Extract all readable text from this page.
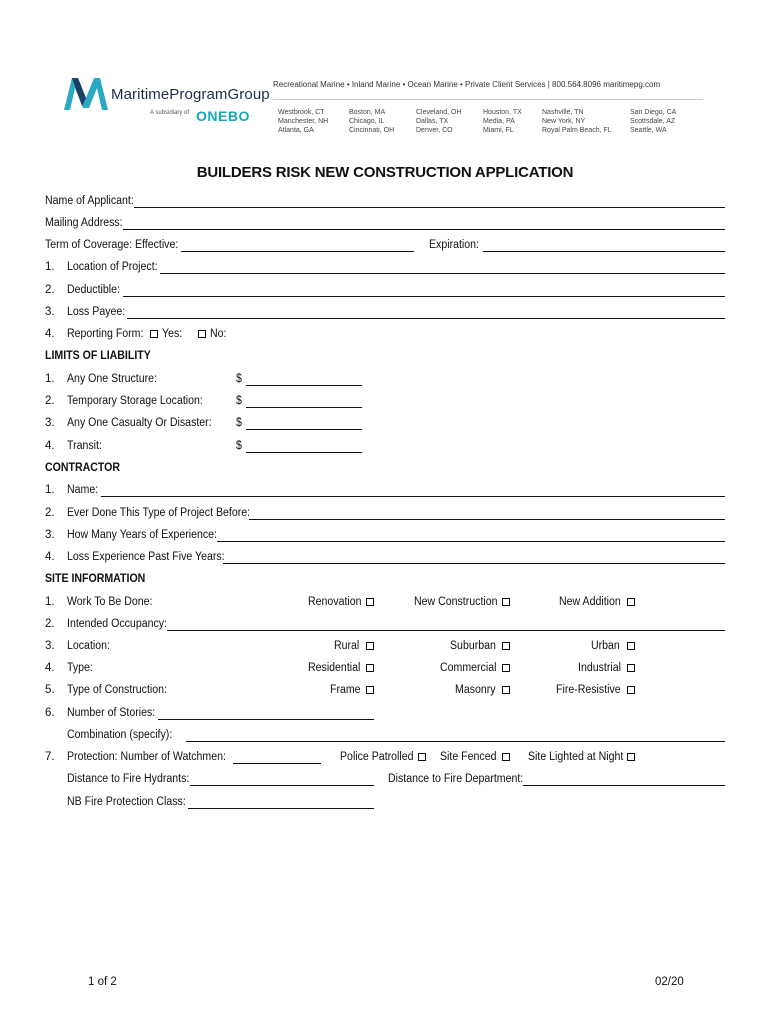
MaritimeProgramGroup
A subsidiary of ONEBO
Recreational Marine • Inland Marine • Ocean Marine • Private Client Services | 800.564.8096 maritimepg.com
Westbrook, CT
Manchester, NH
Atlanta, GA
Boston, MA
Chicago, IL
Cincinnati, OH
Cleveland, OH
Dallas, TX
Denver, CO
Houston, TX
Media, PA
Miami, FL
Nashville, TN
New York, NY
Royal Palm Beach, FL
San Diego, CA
Scottsdale, AZ
Seattle, WA
BUILDERS RISK NEW CONSTRUCTION APPLICATION
Name of Applicant:
Mailing Address:
Term of Coverage: Effective:	Expiration:
1. Location of Project:
2. Deductible:
3. Loss Payee:
4. Reporting Form: Yes: No:
LIMITS OF LIABILITY
1. Any One Structure:	$
2. Temporary Storage Location:	$
3. Any One Casualty Or Disaster: $
4. Transit:	$
CONTRACTOR
1. Name:
2. Ever Done This Type of Project Before:
3. How Many Years of Experience:
4. Loss Experience Past Five Years:
SITE INFORMATION
1. Work To Be Done:	Renovation	New Construction	New Addition
2. Intended Occupancy:
3. Location:	Rural	Suburban	Urban
4. Type:	Residential	Commercial	Industrial
5. Type of Construction:	Frame	Masonry	Fire-Resistive
6. Number of Stories:
Combination (specify):
7. Protection: Number of Watchmen:	Police Patrolled Site Fenced	Site Lighted at Night
Distance to Fire Hydrants:	Distance to Fire Department:
NB Fire Protection Class:
1 of 2	02/20
